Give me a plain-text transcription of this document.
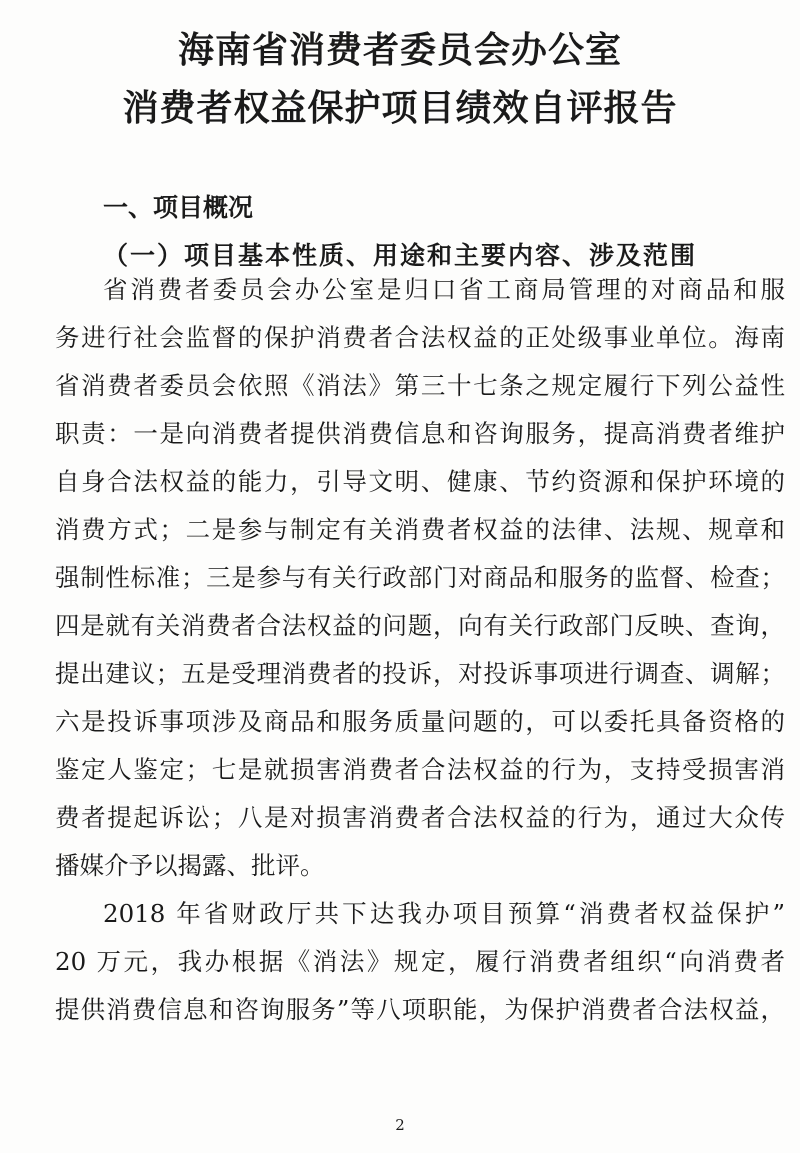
海南省消费者委员会办公室
消费者权益保护项目绩效自评报告
一、项目概况
（一）项目基本性质、用途和主要内容、涉及范围
省消费者委员会办公室是归口省工商局管理的对商品和服
务进行社会监督的保护消费者合法权益的正处级事业单位。海南
省消费者委员会依照《消法》第三十七条之规定履行下列公益性
职责：一是向消费者提供消费信息和咨询服务，提高消费者维护
自身合法权益的能力，引导文明、健康、节约资源和保护环境的
消费方式；二是参与制定有关消费者权益的法律、法规、规章和
强制性标准；三是参与有关行政部门对商品和服务的监督、检查；
四是就有关消费者合法权益的问题，向有关行政部门反映、查询，
提出建议；五是受理消费者的投诉，对投诉事项进行调查、调解；
六是投诉事项涉及商品和服务质量问题的，可以委托具备资格的
鉴定人鉴定；七是就损害消费者合法权益的行为，支持受损害消
费者提起诉讼；八是对损害消费者合法权益的行为，通过大众传
播媒介予以揭露、批评。
2018 年省财政厅共下达我办项目预算“消费者权益保护”
20 万元，我办根据《消法》规定，履行消费者组织“向消费者
提供消费信息和咨询服务”等八项职能，为保护消费者合法权益，
2
